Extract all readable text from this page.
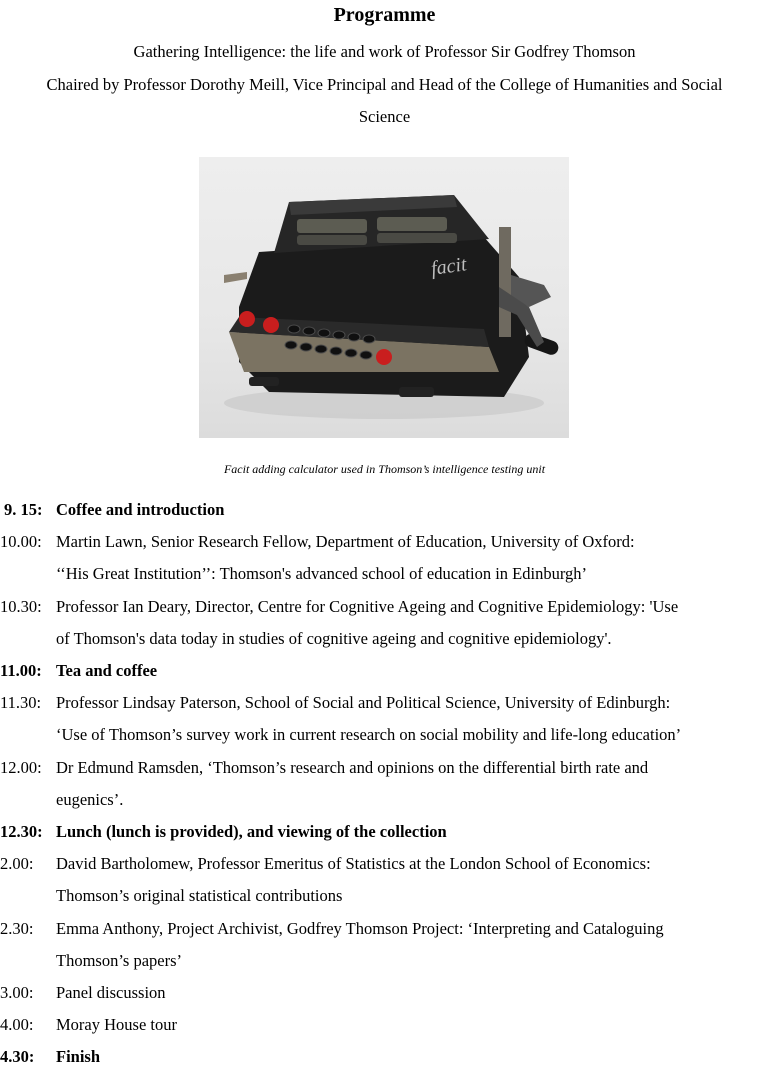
Programme
Gathering Intelligence: the life and work of Professor Sir Godfrey Thomson
Chaired by Professor Dorothy Meill, Vice Principal and Head of the College of Humanities and Social
Science
facit
Facit adding calculator used in Thomson’s intelligence testing unit
9. 15: Coffee and introduction
10.00: Martin Lawn, Senior Research Fellow, Department of Education, University of Oxford:
‘‘His Great Institution’’: Thomson's advanced school of education in Edinburgh’
10.30: Professor Ian Deary, Director, Centre for Cognitive Ageing and Cognitive Epidemiology: 'Use
of Thomson's data today in studies of cognitive ageing and cognitive epidemiology'.
11.00: Tea and coffee
11.30: Professor Lindsay Paterson, School of Social and Political Science, University of Edinburgh:
‘Use of Thomson’s survey work in current research on social mobility and life-long education’
12.00: Dr Edmund Ramsden, ‘Thomson’s research and opinions on the differential birth rate and
eugenics’.
12.30: Lunch (lunch is provided), and viewing of the collection
2.00:	David Bartholomew, Professor Emeritus of Statistics at the London School of Economics:
Thomson’s original statistical contributions
2.30:	Emma Anthony, Project Archivist, Godfrey Thomson Project: ‘Interpreting and Cataloguing
Thomson’s papers’
3.00:	Panel discussion
4.00:	Moray House tour
4.30:	Finish
